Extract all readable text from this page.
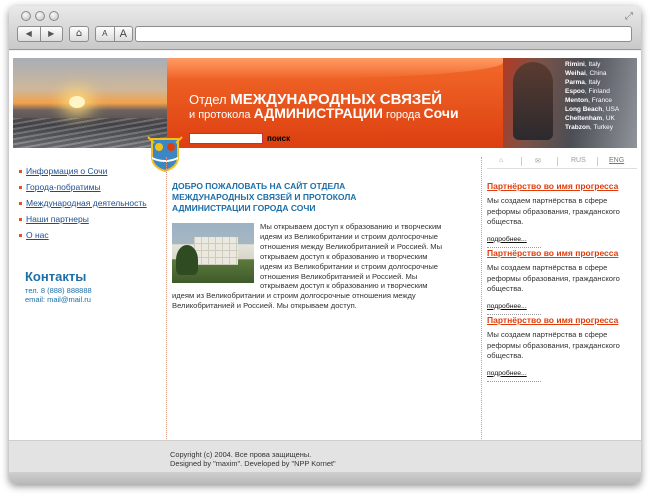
⤢
◀	▶	⌂	A	A
Rimini, Italy
Weihai, China
Parma, Italy
Espoo, Finland
Menton, France
Long Beach, USA
Cheltenham, UK
Trabzon, Turkey
Отдел МЕЖДУНАРОДНЫХ СВЯЗЕЙ
и протокола АДМИНИСТРАЦИИ города Сочи
поиск
Информация о Сочи
Города-побратимы
Международная деятельность
Наши партнеры
О нас
Контакты
тел. 8 (888) 888888
email: mail@mail.ru
ДОБРО ПОЖАЛОВАТЬ НА САЙТ ОТДЕЛА МЕЖДУНАРОДНЫХ СВЯЗЕЙ И ПРОТОКОЛА АДМИНИСТРАЦИИ ГОРОДА СОЧИ
Мы открываем доступ к образованию и творческим идеям из Великобритании и строим долгосрочные отношения между Великобританией и Россией. Мы открываем доступ к образованию и творческим идеям из Великобритании и строим долгосрочные отношения Великобританией и Россией. Мы открываем доступ к образованию и творческим идеям из Великобритании и строим долгосрочные отношения между Великобританией и Россией. Мы открываем доступ.
⌂	✉	RUS	ENG
Партнёрство во имя прогресса
Мы создаем партнёрства в сфере реформы образования, гражданского общества.
подробнее...
Партнёрство во имя прогресса
Мы создаем партнёрства в сфере реформы образования, гражданского общества.
подробнее...
Партнёрство во имя прогресса
Мы создаем партнёрства в сфере реформы образования, гражданского общества.
подробнее...
Copyright (c) 2004. Все прова защищены.
Designed by "maxim". Developed by "NPP Kornet"
